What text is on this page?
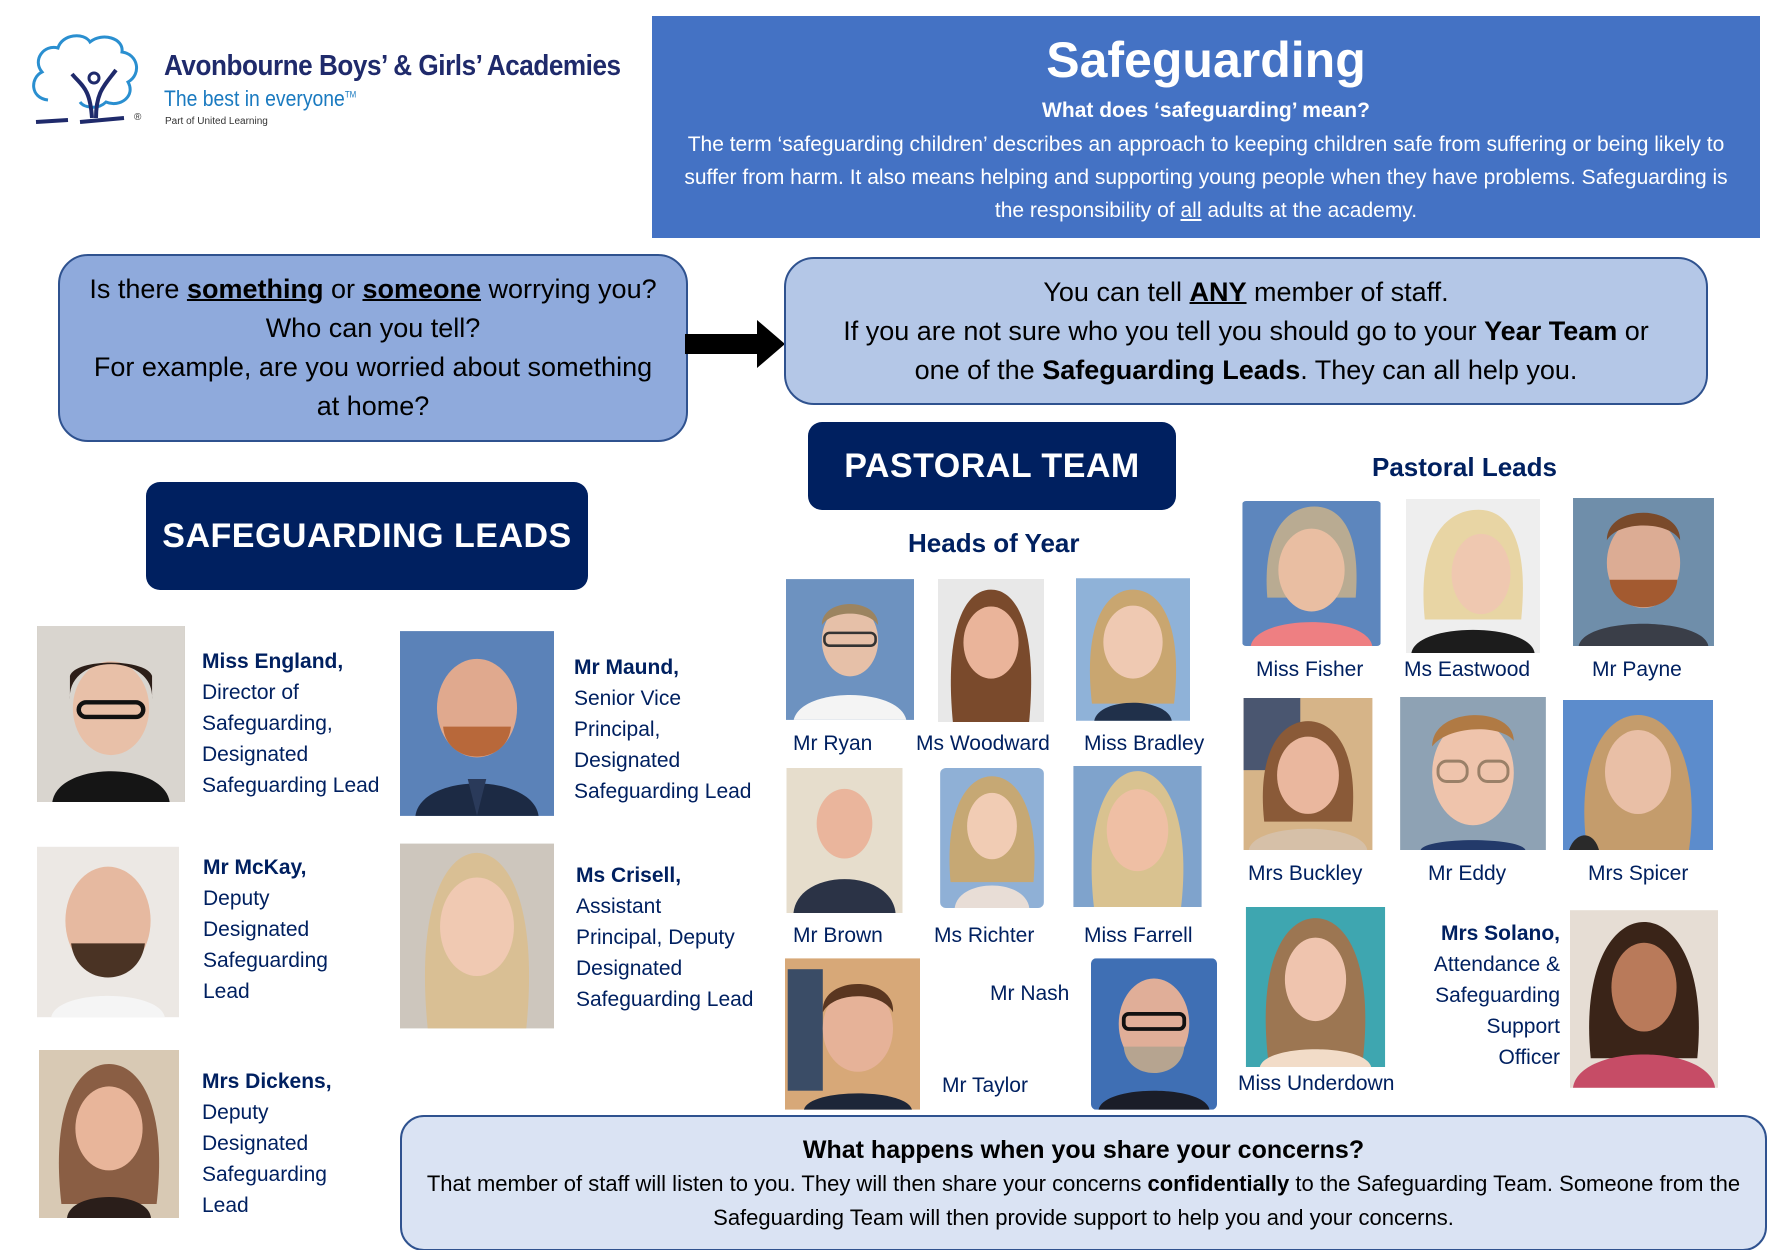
®
Avonbourne Boys’ & Girls’ Academies
The best in everyone™
Part of United Learning
Safeguarding
What does ‘safeguarding’ mean?
The term ‘safeguarding children’ describes an approach to keeping children safe from suffering or being likely to suffer from harm. It also means helping and supporting young people when they have problems. Safeguarding is the responsibility of all adults at the academy.
Is there something or someone worrying you?
Who can you tell?
For example, are you worried about something at home?
You can tell ANY member of staff.
If you are not sure who you tell you should go to your Year Team or one of the Safeguarding Leads. They can all help you.
SAFEGUARDING LEADS
PASTORAL TEAM
Heads of Year
Pastoral Leads
Miss England,
Director of
Safeguarding,
Designated
Safeguarding Lead
Mr Maund,
Senior Vice
Principal,
Designated
Safeguarding Lead
Mr McKay,
Deputy
Designated
Safeguarding
Lead
Ms Crisell,
Assistant
Principal, Deputy
Designated
Safeguarding Lead
Mrs Dickens,
Deputy
Designated
Safeguarding
Lead
Mr Ryan Ms Woodward Miss Bradley
Mr Brown Ms Richter Miss Farrell
Mr Nash
Mr Taylor
Miss Fisher Ms Eastwood	Mr Payne
Mrs Buckley	Mr Eddy	Mrs Spicer
Miss Underdown
Mrs Solano,
Attendance &
Safeguarding
Support
Officer
What happens when you share your concerns?
That member of staff will listen to you. They will then share your concerns confidentially to the Safeguarding Team. Someone from the Safeguarding Team will then provide support to help you and your concerns.
